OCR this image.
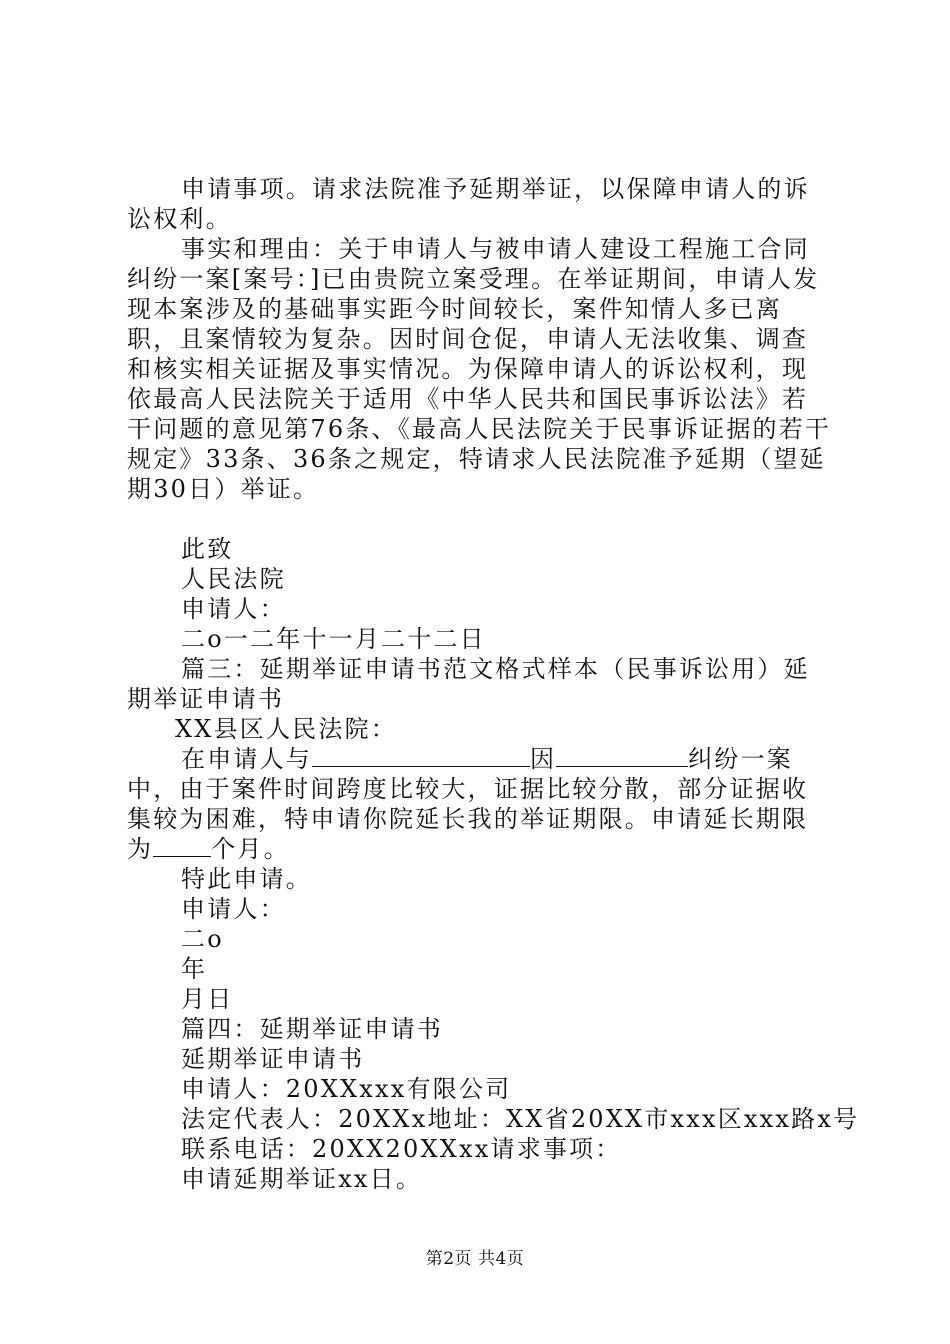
申请事项。请求法院准予延期举证，以保障申请人的诉讼权利。

事实和理由：关于申请人与被申请人建设工程施工合同纠纷一案[案号：]已由贵院立案受理。在举证期间，申请人发现本案涉及的基础事实距今时间较长，案件知情人多已离职，且案情较为复杂。因时间仓促，申请人无法收集、调查和核实相关证据及事实情况。为保障申请人的诉讼权利，现依最高人民法院关于适用《中华人民共和国民事诉讼法》若干问题的意见第76条、《最高人民法院关于民事诉证据的若干规定》33条、36条之规定，特请求人民法院准予延期（望延期30日）举证。

此致
人民法院
申请人：
二o一二年十一月二十二日

篇三：延期举证申请书范文格式样本（民事诉讼用）延期举证申请书

XX县区人民法院：

在申请人与	因	纠纷一案中，由于案件时间跨度比较大，证据比较分散，部分证据收集较为困难，特申请你院延长我的举证期限。申请延长期限为 个月。

特此申请。
申请人：
二o
年
月日
篇四：延期举证申请书
延期举证申请书
申请人：20XXxxx有限公司
法定代表人：20XXx地址：XX省20XX市xxx区xxx路x号
联系电话：20XX20XXxx请求事项：
申请延期举证xx日。
第2页 共4页
